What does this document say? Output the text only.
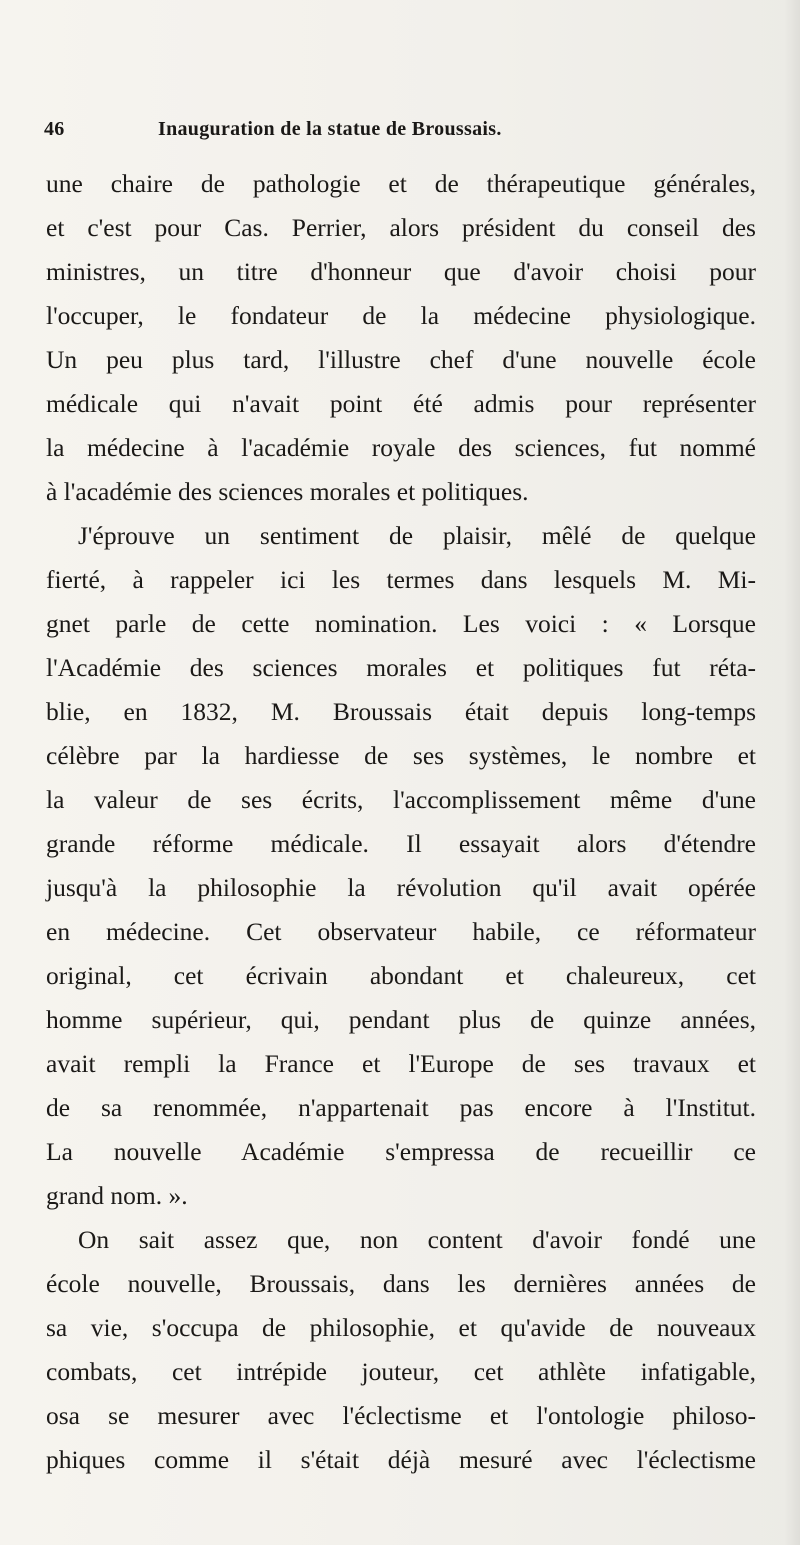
46	Inauguration de la statue de Broussais.
une chaire de pathologie et de thérapeutique générales,
et c'est pour Cas. Perrier, alors président du conseil des
ministres, un titre d'honneur que d'avoir choisi pour
l'occuper, le fondateur de la médecine physiologique.
Un peu plus tard, l'illustre chef d'une nouvelle école
médicale qui n'avait point été admis pour représenter
la médecine à l'académie royale des sciences, fut nommé
à l'académie des sciences morales et politiques.
J'éprouve un sentiment de plaisir, mêlé de quelque
fierté, à rappeler ici les termes dans lesquels M. Mi-
gnet parle de cette nomination. Les voici : « Lorsque
l'Académie des sciences morales et politiques fut réta-
blie, en 1832, M. Broussais était depuis long-temps
célèbre par la hardiesse de ses systèmes, le nombre et
la valeur de ses écrits, l'accomplissement même d'une
grande réforme médicale. Il essayait alors d'étendre
jusqu'à la philosophie la révolution qu'il avait opérée
en médecine. Cet observateur habile, ce réformateur
original, cet écrivain abondant et chaleureux, cet
homme supérieur, qui, pendant plus de quinze années,
avait rempli la France et l'Europe de ses travaux et
de sa renommée, n'appartenait pas encore à l'Institut.
La nouvelle Académie s'empressa de recueillir ce
grand nom. ».
On sait assez que, non content d'avoir fondé une
école nouvelle, Broussais, dans les dernières années de
sa vie, s'occupa de philosophie, et qu'avide de nouveaux
combats, cet intrépide jouteur, cet athlète infatigable,
osa se mesurer avec l'éclectisme et l'ontologie philoso-
phiques comme il s'était déjà mesuré avec l'éclectisme
